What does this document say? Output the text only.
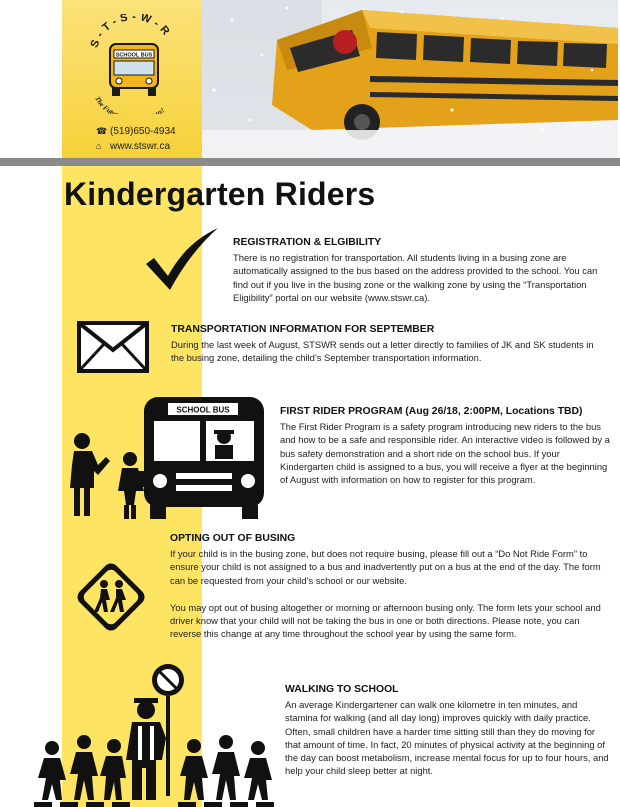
S-T-S-W-R
SCHOOL BUS
The Futu us!
☎ (519)650-4934
⌂ www.stswr.ca
Kindergarten Riders
REGISTRATION & ELGIBILITY

There is no registration for transportation. All students living in a busing zone are automatically assigned to the bus based on the address provided to the school. You can find out if you live in the busing zone or the walking zone by using the “Transportation Eligibility” portal on our website (www.stswr.ca).

TRANSPORTATION INFORMATION FOR SEPTEMBER

During the last week of August, STSWR sends out a letter directly to families of JK and SK students in the busing zone, detailing the child’s September transportation information.

SCHOOL BUS	FIRST RIDER PROGRAM (Aug 26/18, 2:00PM, Locations TBD)

The First Rider Program is a safety program introducing new riders to the bus and how to be a safe and responsible rider. An interactive video is followed by a bus safety demonstration and a short ride on the school bus. If your Kindergarten child is assigned to a bus, you will receive a flyer at the beginning of August with information on how to register for this program.

OPTING OUT OF BUSING

If your child is in the busing zone, but does not require busing, please fill out a “Do Not Ride Form” to ensure your child is not assigned to a bus and inadvertently put on a bus at the end of the day. The form can be requested from your child’s school or our website.

You may opt out of busing altogether or morning or afternoon busing only. The form lets your school and driver know that your child will not be taking the bus in one or both directions. Please note, you can reverse this change at any time throughout the school year by using the same form.

WALKING TO SCHOOL

An average Kindergartener can walk one kilometre in ten minutes, and stamina for walking (and all day long) improves quickly with daily practice. Often, small children have a harder time sitting still than they do moving for that amount of time. In fact, 20 minutes of physical activity at the beginning of the day can boost metabolism, increase mental focus for up to four hours, and help your child sleep better at night.
